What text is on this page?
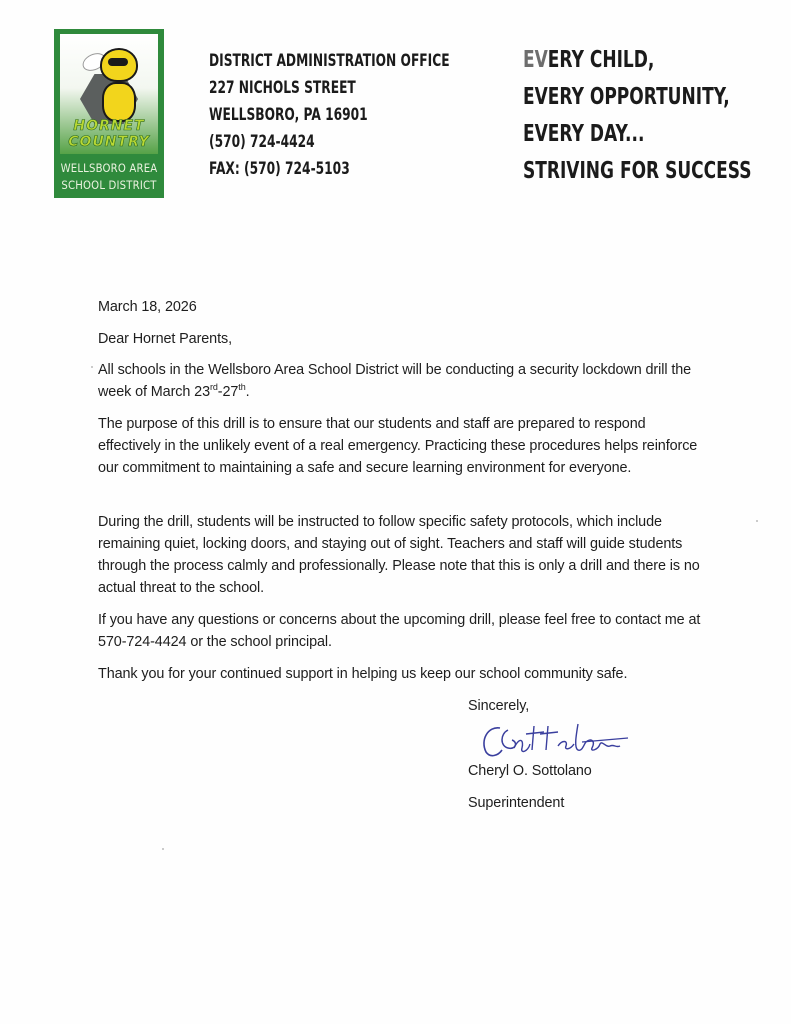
HORNET
COUNTRY
WELLSBORO AREA
SCHOOL DISTRICT
DISTRICT ADMINISTRATION OFFICE
227 NICHOLS STREET
WELLSBORO, PA 16901
(570) 724-4424
FAX: (570) 724-5103
EVERY CHILD,
EVERY OPPORTUNITY,
EVERY DAY...
STRIVING FOR SUCCESS

March 18, 2026

Dear Hornet Parents,

All schools in the Wellsboro Area School District will be conducting a security lockdown drill the week of March 23rd-27th.

The purpose of this drill is to ensure that our students and staff are prepared to respond effectively in the unlikely event of a real emergency. Practicing these procedures helps reinforce our commitment to maintaining a safe and secure learning environment for everyone.

During the drill, students will be instructed to follow specific safety protocols, which include remaining quiet, locking doors, and staying out of sight. Teachers and staff will guide students through the process calmly and professionally. Please note that this is only a drill and there is no actual threat to the school.

If you have any questions or concerns about the upcoming drill, please feel free to contact me at 570-724-4424 or the school principal.

Thank you for your continued support in helping us keep our school community safe.

Sincerely,

Cheryl O. Sottolano

Superintendent
